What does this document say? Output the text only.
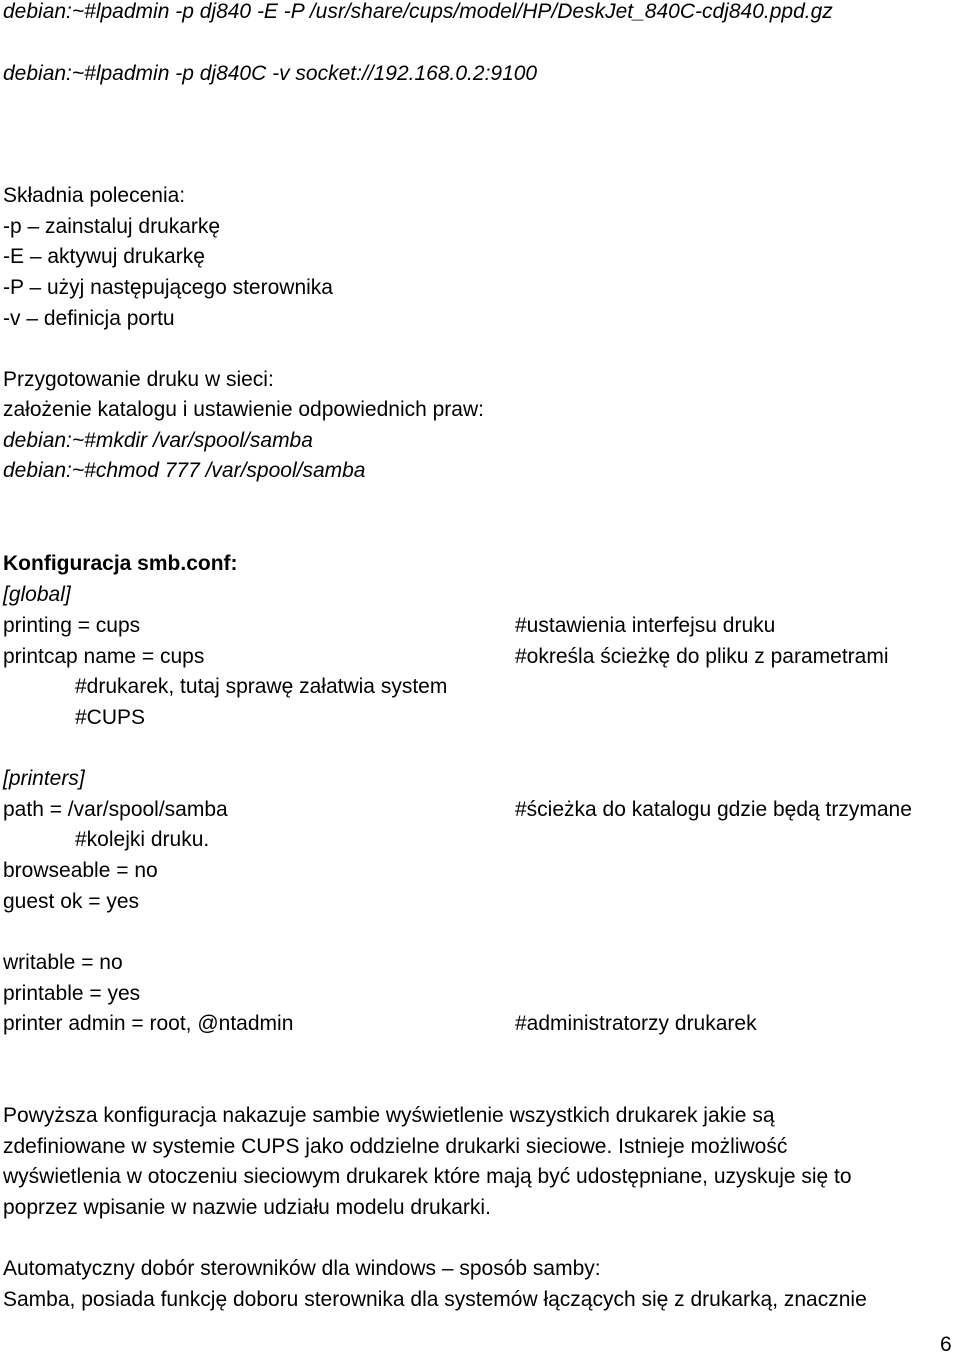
debian:~#lpadmin -p dj840 -E -P /usr/share/cups/model/HP/DeskJet_840C-cdj840.ppd.gz
debian:~#lpadmin -p dj840C -v socket://192.168.0.2:9100
Składnia polecenia:
-p – zainstaluj drukarkę
-E – aktywuj drukarkę
-P – użyj następującego sterownika
-v – definicja portu
Przygotowanie druku w sieci:
założenie katalogu i ustawienie odpowiednich praw:
debian:~#mkdir /var/spool/samba
debian:~#chmod 777 /var/spool/samba
Konfiguracja smb.conf:
[global]
printing = cups	#ustawienia interfejsu druku
printcap name = cups	#określa ścieżkę do pliku z parametrami
#drukarek, tutaj sprawę załatwia system
#CUPS
[printers]
path = /var/spool/samba	#ścieżka do katalogu gdzie będą trzymane
#kolejki druku.
browseable = no
guest ok = yes
writable = no
printable = yes
printer admin = root, @ntadmin	#administratorzy drukarek
Powyższa konfiguracja nakazuje sambie wyświetlenie wszystkich drukarek jakie są
zdefiniowane w systemie CUPS jako oddzielne drukarki sieciowe. Istnieje możliwość
wyświetlenia w otoczeniu sieciowym drukarek które mają być udostępniane, uzyskuje się to
poprzez wpisanie w nazwie udziału modelu drukarki.
Automatyczny dobór sterowników dla windows – sposób samby:
Samba, posiada funkcję doboru sterownika dla systemów łączących się z drukarką, znacznie
6
